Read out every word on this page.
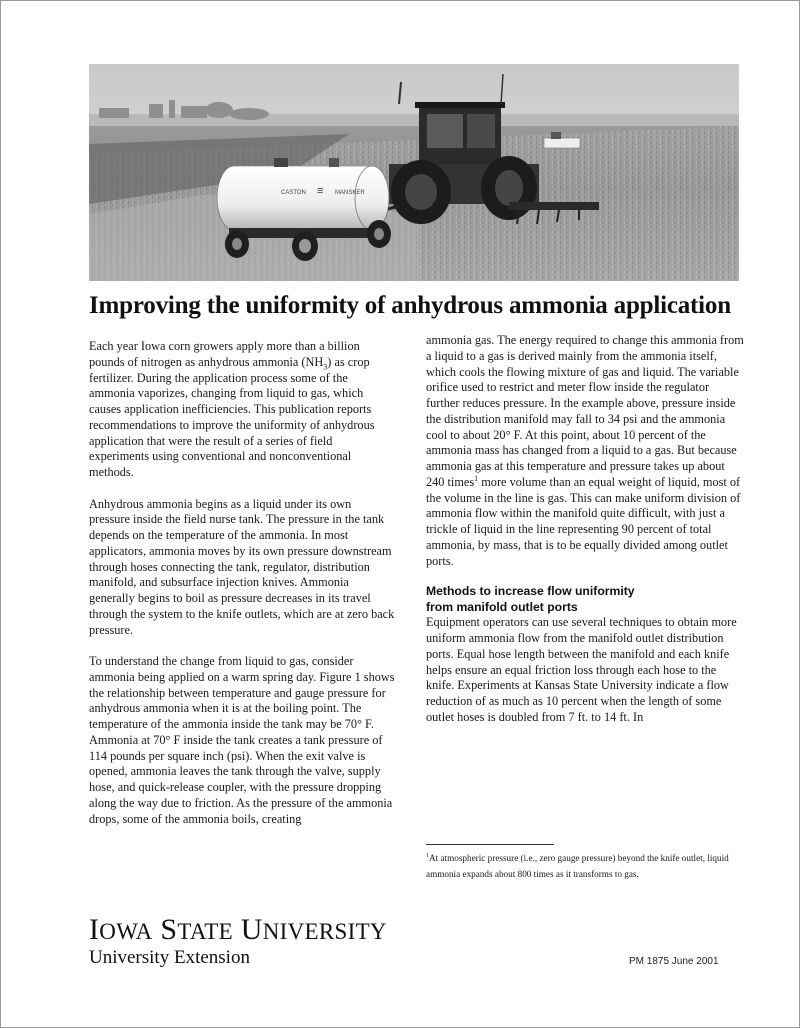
CASTON	MANSKER
≡
Improving the uniformity of anhydrous ammonia application

Each year Iowa corn growers apply more than a billion pounds of nitrogen as anhydrous ammonia $(NH_3)$ as crop fertilizer. During the application process some of the ammonia vaporizes, changing from liquid to gas, which causes application inefficiencies. This publication reports recommendations to improve the uniformity of anhydrous application that were the result of a series of field experiments using conventional and nonconventional methods.

Anhydrous ammonia begins as a liquid under its own pressure inside the field nurse tank. The pressure in the tank depends on the temperature of the ammonia. In most applicators, ammonia moves by its own pressure downstream through hoses connecting the tank, regulator, distribution manifold, and subsurface injection knives. Ammonia generally begins to boil as pressure decreases in its travel through the system to the knife outlets, which are at zero back pressure.

To understand the change from liquid to gas, consider ammonia being applied on a warm spring day. Figure 1 shows the relationship between temperature and gauge pressure for anhydrous ammonia when it is at the boiling point. The temperature of the ammonia inside the tank may be 70° F. Ammonia at 70° F inside the tank creates a tank pressure of 114 pounds per square inch (psi). When the exit valve is opened, ammonia leaves the tank through the valve, supply hose, and quick-release coupler, with the pressure dropping along the way due to friction. As the pressure of the ammonia drops, some of the ammonia boils, creating

ammonia gas. The energy required to change this ammonia from a liquid to a gas is derived mainly from the ammonia itself, which cools the flowing mixture of gas and liquid. The variable orifice used to restrict and meter flow inside the regulator further reduces pressure. In the example above, pressure inside the distribution manifold may fall to 34 psi and the ammonia cool to about 20° F. At this point, about 10 percent of the ammonia mass has changed from a liquid to a gas. But because ammonia gas at this temperature and pressure takes up about 240 times$^1$ more volume than an equal weight of liquid, most of the volume in the line is gas. This can make uniform division of ammonia flow within the manifold quite difficult, with just a trickle of liquid in the line representing 90 percent of total ammonia, by mass, that is to be equally divided among outlet ports.

Methods to increase flow uniformity
from manifold outlet ports

Equipment operators can use several techniques to obtain more uniform ammonia flow from the manifold outlet distribution ports. Equal hose length between the manifold and each knife helps ensure an equal friction loss through each hose to the knife. Experiments at Kansas State University indicate a flow reduction of as much as 10 percent when the length of some outlet hoses is doubled from 7 ft. to 14 ft. In

$^1$At atmospheric pressure (i.e., zero gauge pressure) beyond the knife outlet, liquid ammonia expands about 800 times as it transforms to gas.

IOWA STATE UNIVERSITY

University Extension	PM 1875 June 2001
